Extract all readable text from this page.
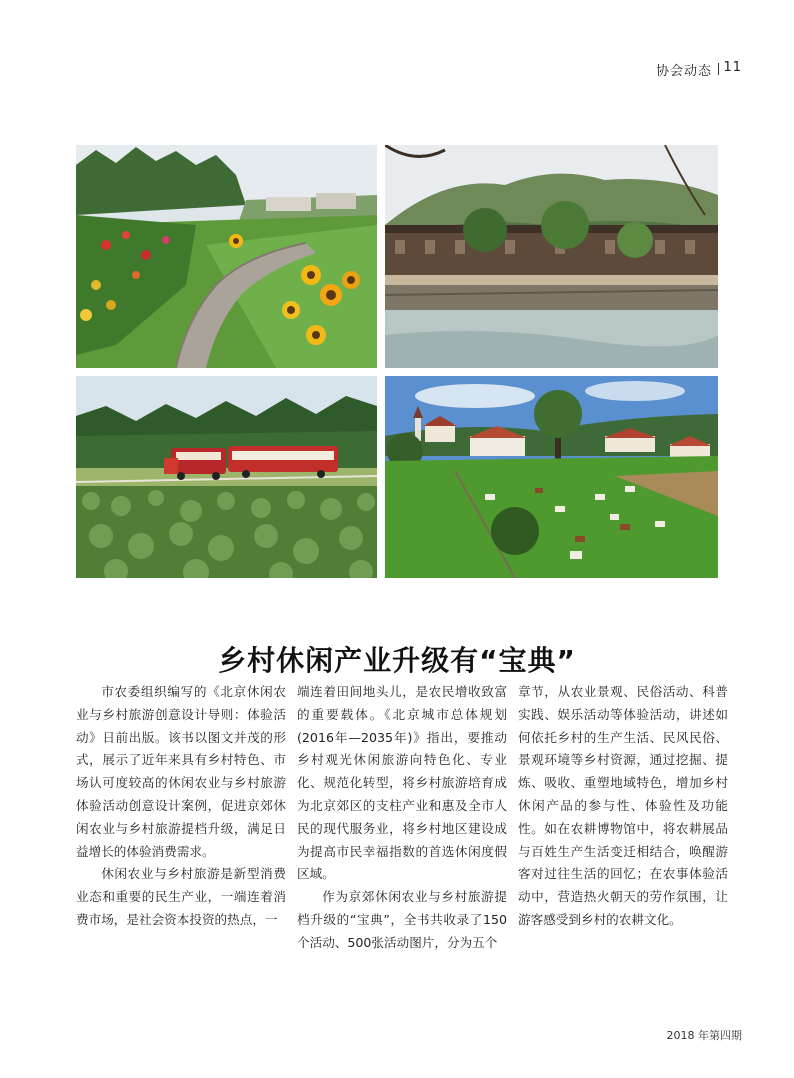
协会动态 11
乡村休闲产业升级有“宝典”

市农委组织编写的《北京休闲农业与乡村旅游创意设计导则：体验活动》日前出版。该书以图文并茂的形式，展示了近年来具有乡村特色、市场认可度较高的休闲农业与乡村旅游体验活动创意设计案例，促进京郊休闲农业与乡村旅游提档升级，满足日益增长的体验消费需求。

休闲农业与乡村旅游是新型消费业态和重要的民生产业，一端连着消费市场，是社会资本投资的热点，一

端连着田间地头儿，是农民增收致富的重要载体。《北京城市总体规划(2016年—2035年)》指出，要推动乡村观光休闲旅游向特色化、专业化、规范化转型，将乡村旅游培育成为北京郊区的支柱产业和惠及全市人民的现代服务业，将乡村地区建设成为提高市民幸福指数的首选休闲度假区域。

作为京郊休闲农业与乡村旅游提档升级的“宝典”，全书共收录了150个活动、500张活动图片，分为五个

章节，从农业景观、民俗活动、科普实践、娱乐活动等体验活动，讲述如何依托乡村的生产生活、民风民俗、景观环境等乡村资源，通过挖掘、提炼、吸收、重塑地域特色，增加乡村休闲产品的参与性、体验性及功能性。如在农耕博物馆中，将农耕展品与百姓生产生活变迁相结合，唤醒游客对过往生活的回忆；在农事体验活动中，营造热火朝天的劳作氛围，让游客感受到乡村的农耕文化。

2018 年第四期
